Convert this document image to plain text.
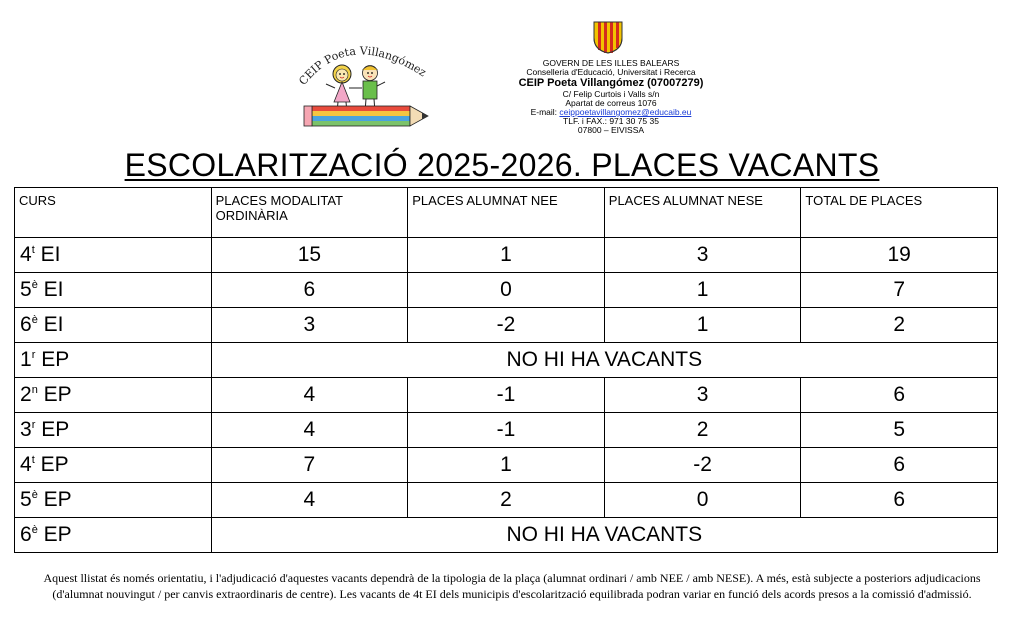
CEIP Poeta Villangómez
GOVERN DE LES ILLES BALEARS
Conselleria d'Educació, Universitat i Recerca
CEIP Poeta Villangómez (07007279)
C/ Felip Curtois i Valls s/n
Apartat de correus 1076
E-mail: ceippoetavillangomez@educaib.eu
TLF. i FAX.: 971 30 75 35
07800 – EIVISSA
ESCOLARITZACIÓ 2025-2026. PLACES VACANTS
CURS	PLACES MODALITAT ORDINÀRIA	PLACES ALUMNAT NEE	PLACES ALUMNAT NESE	TOTAL DE PLACES
4$^t$ EI	15	1	3	19
$5^è$ EI	6	0	1	7
$6^è$ EI	3	-2	1	2
1$^r$ EP	NO HI HA VACANTS			
2$^n$ EP	4	-1	3	6
3$^r$ EP	4	-1	2	5
4$^t$ EP	7	1	-2	6
$5^è$ EP	4	2	0	6
$6^è$ EP	NO HI HA VACANTS			
Aquest llistat és només orientatiu, i l'adjudicació d'aquestes vacants dependrà de la tipologia de la plaça (alumnat ordinari / amb NEE / amb NESE). A més, està subjecte a posteriors adjudicacions (d'alumnat nouvingut / per canvis extraordinaris de centre). Les vacants de 4t EI dels municipis d'escolarització equilibrada podran variar en funció dels acords presos a la comissió d'admissió.
